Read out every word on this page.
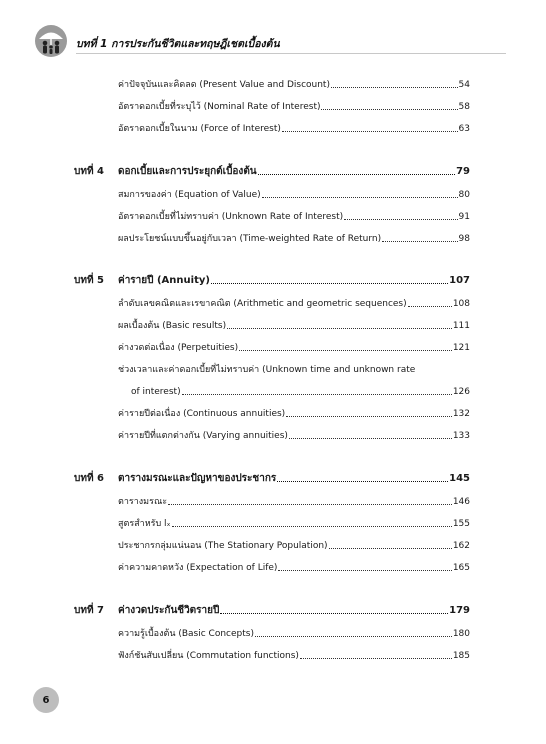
บทที่ 1 การประกันชีวิตและทฤษฎีเชตเบื้องต้น
ค่าปัจจุบันและคิดลด (Present Value and Discount)	54
อัตราดอกเบี้ยที่ระบุไว้ (Nominal Rate of Interest)	58
อัตราดอกเบี้ยในนาม (Force of Interest)	63
บทที่ 4	ดอกเบี้ยและการประยุกต์เบื้องต้น	79
สมการของค่า (Equation of Value)	80
อัตราดอกเบี้ยที่ไม่ทราบค่า (Unknown Rate of Interest)	91
ผลประโยชน์แบบขึ้นอยู่กับเวลา (Time-weighted Rate of Return)	98
บทที่ 5	ค่ารายปี (Annuity)	107
ลำดับเลขคณิตและเรขาคณิต (Arithmetic and geometric sequences)	108
ผลเบื้องต้น (Basic results)	111
ค่างวดต่อเนื่อง (Perpetuities)	121
ช่วงเวลาและค่าดอกเบี้ยที่ไม่ทราบค่า (Unknown time and unknown rate
of interest)	126
ค่ารายปีต่อเนื่อง (Continuous annuities)	132
ค่ารายปีที่แตกต่างกัน (Varying annuities)	133
บทที่ 6	ตารางมรณะและปัญหาของประชากร	145
ตารางมรณะ	146
สูตรสำหรับ lₓ	155
ประชากรกลุ่มแน่นอน (The Stationary Population)	162
ค่าความคาดหวัง (Expectation of Life)	165
บทที่ 7	ค่างวดประกันชีวิตรายปี	179
ความรู้เบื้องต้น (Basic Concepts)	180
ฟังก์ชันสับเปลี่ยน (Commutation functions)	185
6
